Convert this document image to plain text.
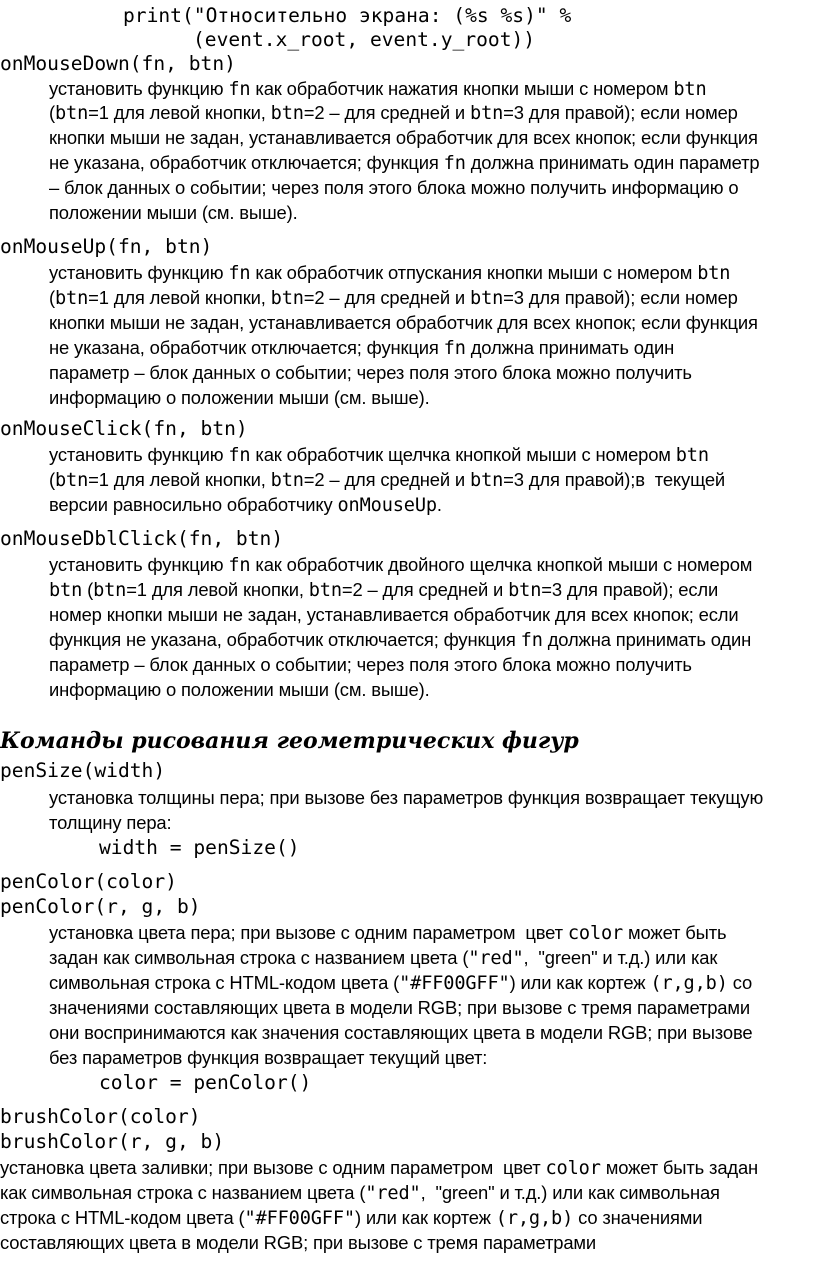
print("Относительно экрана: (%s %s)" %
(event.x_root, event.y_root))
onMouseDown(fn, btn)
установить функцию fn как обработчик нажатия кнопки мыши с номером btn
(btn=1 для левой кнопки, btn=2 – для средней и btn=3 для правой); если номер
кнопки мыши не задан, устанавливается обработчик для всех кнопок; если функция
не указана, обработчик отключается; функция fn должна принимать один параметр
– блок данных о событии; через поля этого блока можно получить информацию о
положении мыши (см. выше).
onMouseUp(fn, btn)
установить функцию fn как обработчик отпускания кнопки мыши с номером btn
(btn=1 для левой кнопки, btn=2 – для средней и btn=3 для правой); если номер
кнопки мыши не задан, устанавливается обработчик для всех кнопок; если функция
не указана, обработчик отключается; функция fn должна принимать один
параметр – блок данных о событии; через поля этого блока можно получить
информацию о положении мыши (см. выше).
onMouseClick(fn, btn)
установить функцию fn как обработчик щелчка кнопкой мыши с номером btn
(btn=1 для левой кнопки, btn=2 – для средней и btn=3 для правой);в  текущей
версии равносильно обработчику onMouseUp.
onMouseDblClick(fn, btn)
установить функцию fn как обработчик двойного щелчка кнопкой мыши с номером
btn (btn=1 для левой кнопки, btn=2 – для средней и btn=3 для правой); если
номер кнопки мыши не задан, устанавливается обработчик для всех кнопок; если
функция не указана, обработчик отключается; функция fn должна принимать один
параметр – блок данных о событии; через поля этого блока можно получить
информацию о положении мыши (см. выше).
Команды рисования геометрических фигур
penSize(width)
установка толщины пера; при вызове без параметров функция возвращает текущую
толщину пера:
width = penSize()
penColor(color)
penColor(r, g, b)
установка цвета пера; при вызове с одним параметром  цвет color может быть
задан как символьная строка с названием цвета ("red",  "green" и т.д.) или как
символьная строка с HTML-кодом цвета ("#FF00GFF") или как кортеж (r,g,b) со
значениями составляющих цвета в модели RGB; при вызове с тремя параметрами
они воспринимаются как значения составляющих цвета в модели RGB; при вызове
без параметров функция возвращает текущий цвет:
color = penColor()
brushColor(color)
brushColor(r, g, b)
установка цвета заливки; при вызове с одним параметром  цвет color может быть задан
как символьная строка с названием цвета ("red",  "green" и т.д.) или как символьная
строка с HTML-кодом цвета ("#FF00GFF") или как кортеж (r,g,b) со значениями
составляющих цвета в модели RGB; при вызове с тремя параметрами
